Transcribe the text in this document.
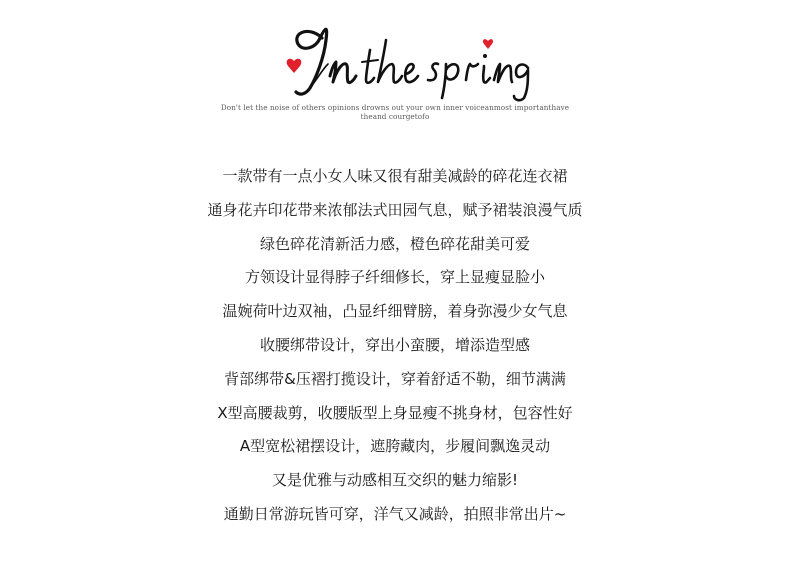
Don't let the noise of others opinions drowns out your own inner voiceanmost importanthave
theand courgetofo
一款带有一点小女人味又很有甜美减龄的碎花连衣裙
通身花卉印花带来浓郁法式田园气息，赋予裙装浪漫气质
绿色碎花清新活力感，橙色碎花甜美可爱
方领设计显得脖子纤细修长，穿上显瘦显脸小
温婉荷叶边双袖，凸显纤细臂膀，着身弥漫少女气息
收腰绑带设计，穿出小蛮腰，增添造型感
背部绑带&压褶打揽设计，穿着舒适不勒，细节满满
X型高腰裁剪，收腰版型上身显瘦不挑身材，包容性好
A型宽松裙摆设计，遮胯藏肉，步履间飘逸灵动
又是优雅与动感相互交织的魅力缩影!
通勤日常游玩皆可穿，洋气又减龄，拍照非常出片~
